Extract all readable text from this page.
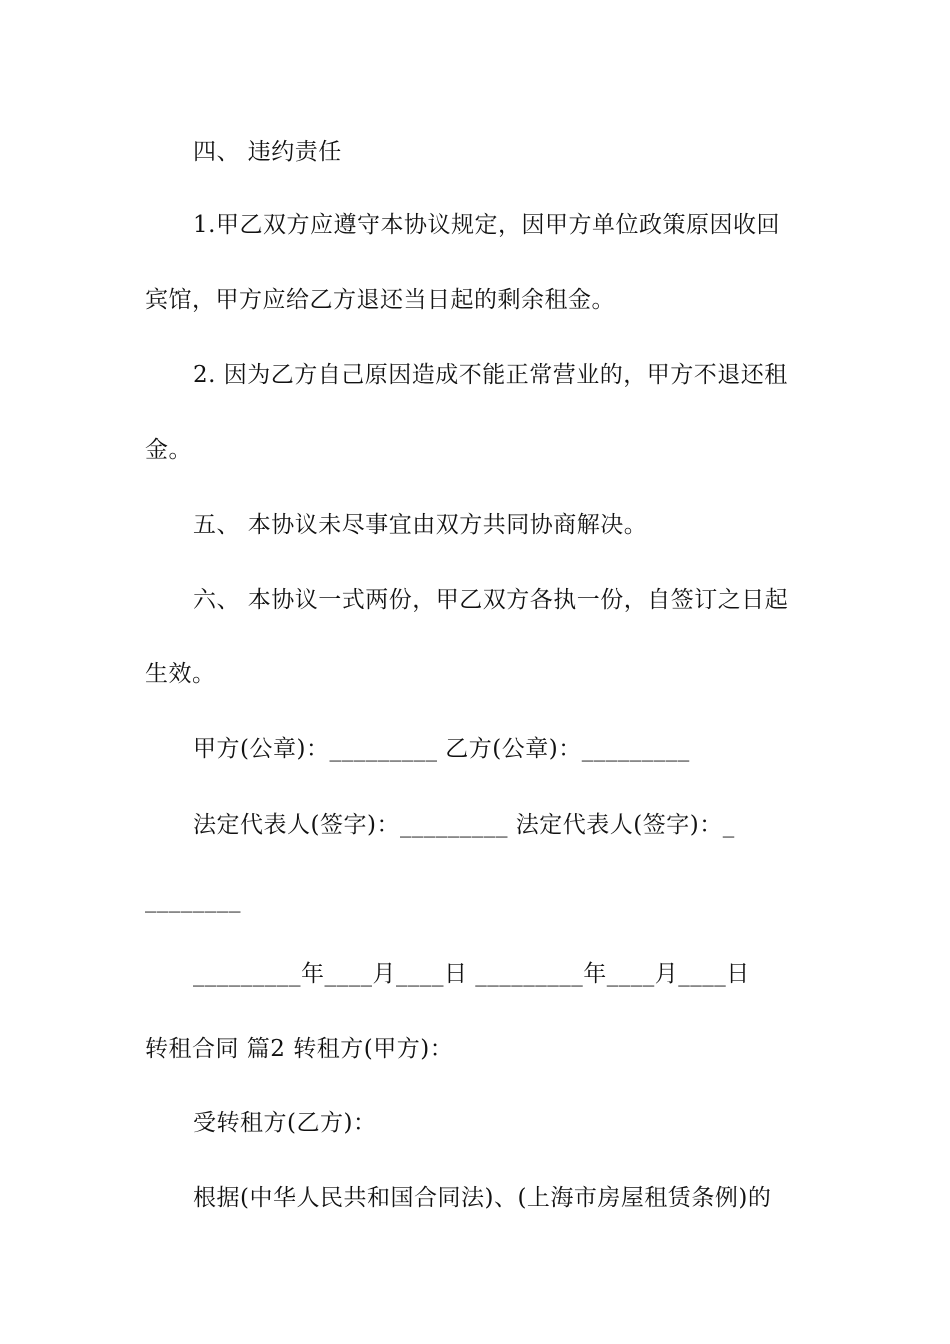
四、 违约责任
1.甲乙双方应遵守本协议规定，因甲方单位政策原因收回
宾馆，甲方应给乙方退还当日起的剩余租金。
2. 因为乙方自己原因造成不能正常营业的，甲方不退还租
金。
五、 本协议未尽事宜由双方共同协商解决。
六、 本协议一式两份，甲乙双方各执一份，自签订之日起
生效。
甲方(公章)：_________ 乙方(公章)：_________
法定代表人(签字)：_________ 法定代表人(签字)：_
________
_________年____月____日 _________年____月____日
转租合同 篇2 转租方(甲方)：
受转租方(乙方)：
根据(中华人民共和国合同法)、(上海市房屋租赁条例)的
